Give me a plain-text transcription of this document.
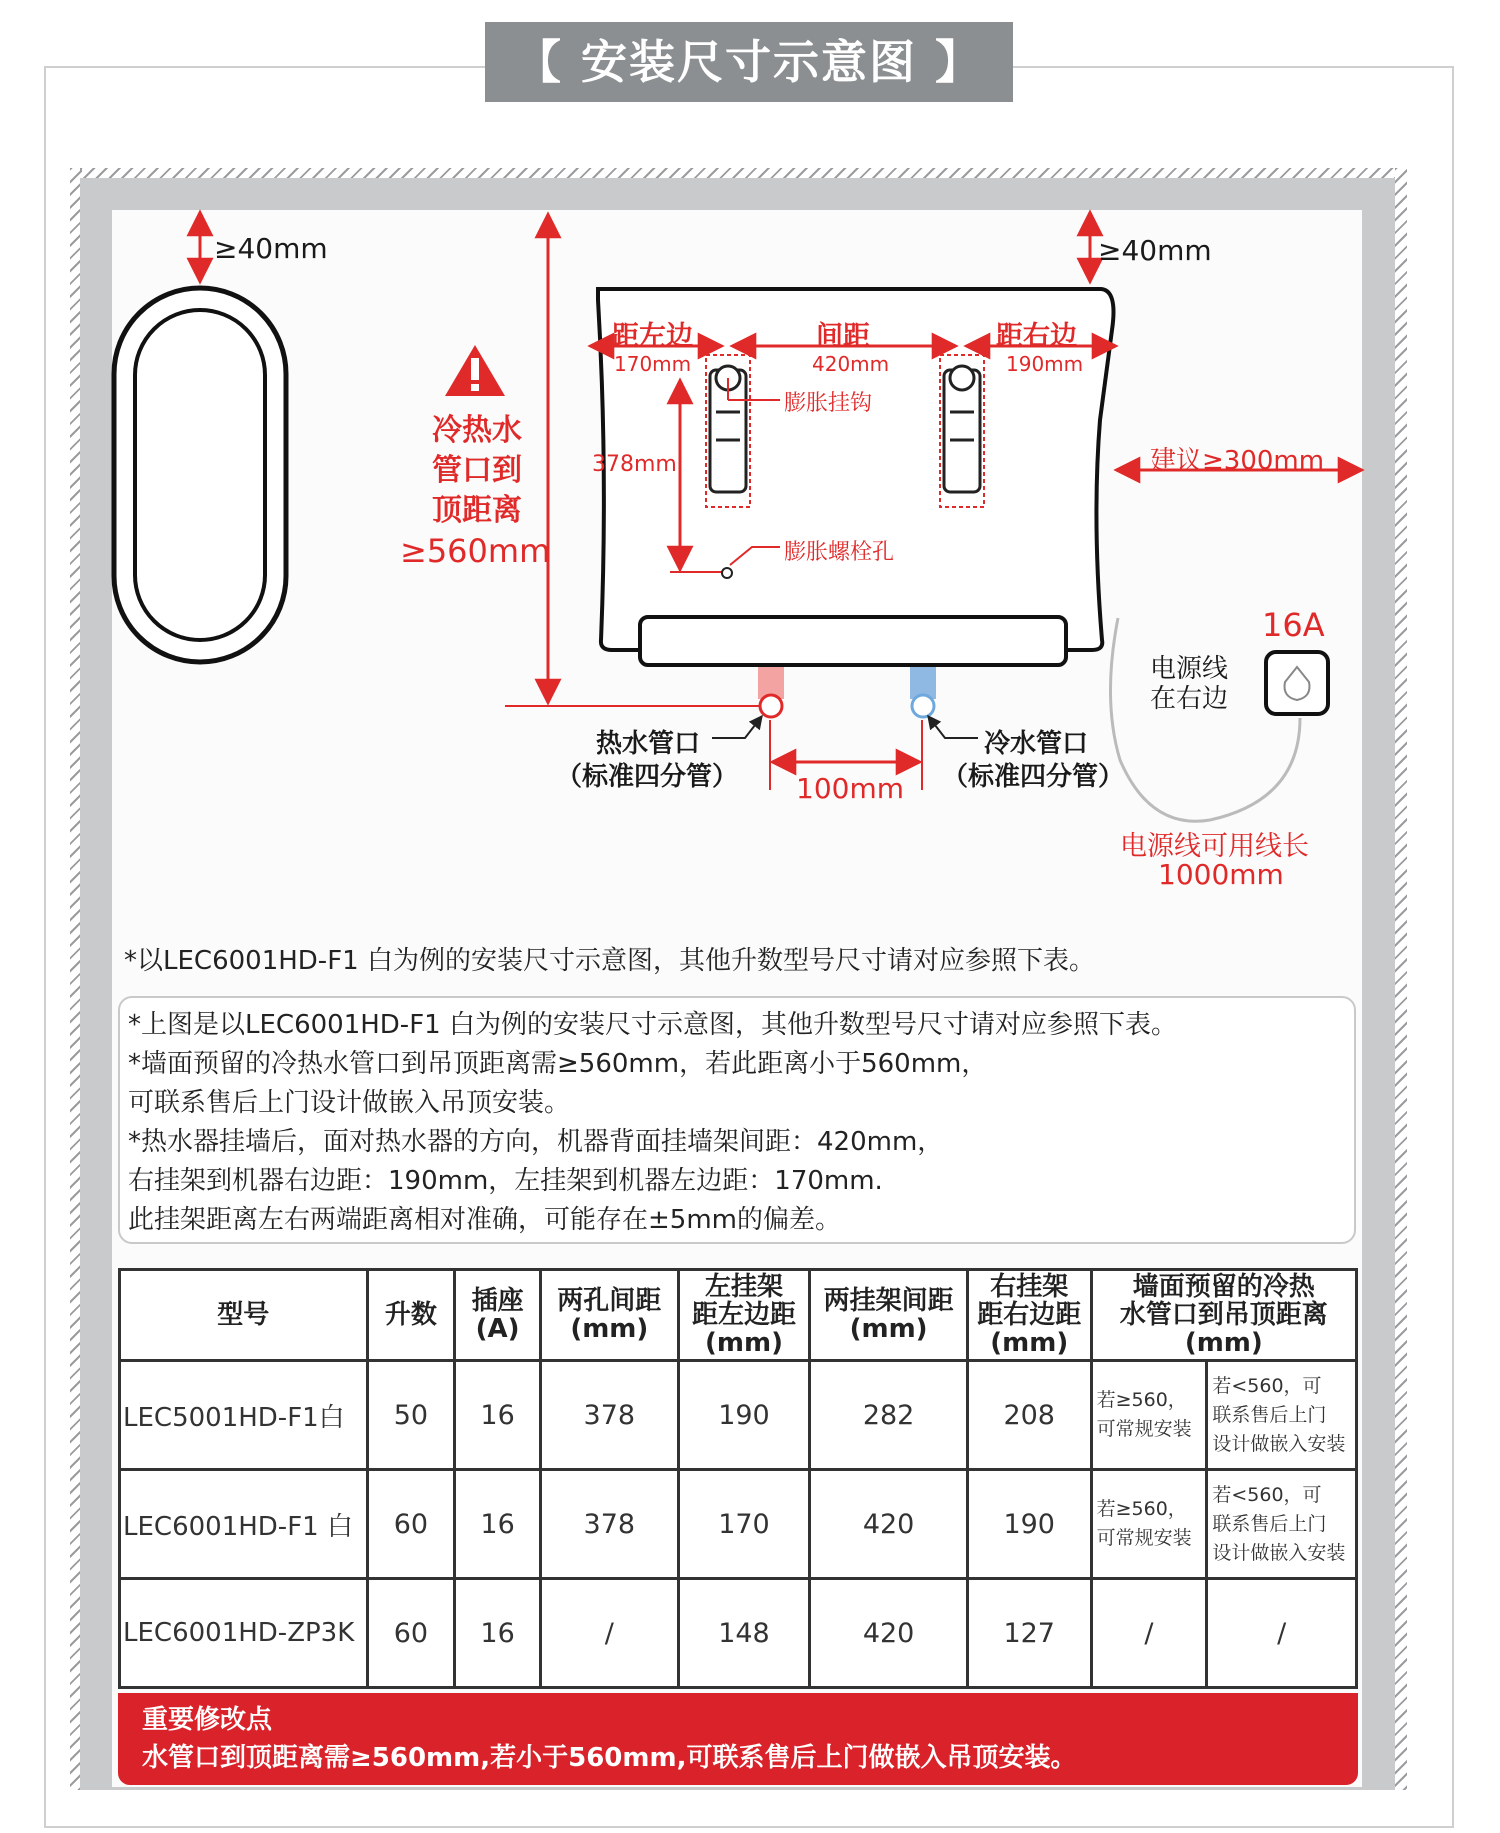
【 安装尺寸示意图 】
≥40mm	≥40mm
冷热水
管口到
顶距离
≥560mm
距左边
170mm
间距
420mm
距右边
190mm
膨胀挂钩
378mm
膨胀螺栓孔
建议≥300mm
16A
电源线
在右边
热水管口
（标准四分管）
冷水管口
（标准四分管）
100mm
电源线可用线长
1000mm
*以LEC6001HD-F1 白为例的安装尺寸示意图，其他升数型号尺寸请对应参照下表。
*上图是以LEC6001HD-F1 白为例的安装尺寸示意图，其他升数型号尺寸请对应参照下表。
*墙面预留的冷热水管口到吊顶距离需≥560mm，若此距离小于560mm，
可联系售后上门设计做嵌入吊顶安装。
*热水器挂墙后，面对热水器的方向，机器背面挂墙架间距：420mm，
右挂架到机器右边距：190mm，左挂架到机器左边距：170mm.
此挂架距离左右两端距离相对准确，可能存在±5mm的偏差。
型号	升数	插座
(A)	两孔间距
(mm)	左挂架
距左边距
(mm)	两挂架间距
(mm)	右挂架
距右边距
(mm)	墙面预留的冷热
水管口到吊顶距离
(mm)	
LEC5001HD-F1白	50	16	378	190	282	208	若≥560，
可常规安装	若<560，可
联系售后上门
设计做嵌入安装
LEC6001HD-F1 白	60	16	378	170	420	190	若≥560，
可常规安装	若<560，可
联系售后上门
设计做嵌入安装
LEC6001HD-ZP3K	60	16	/	148	420	127	/	/
重要修改点
水管口到顶距离需≥560mm,若小于560mm,可联系售后上门做嵌入吊顶安装。
